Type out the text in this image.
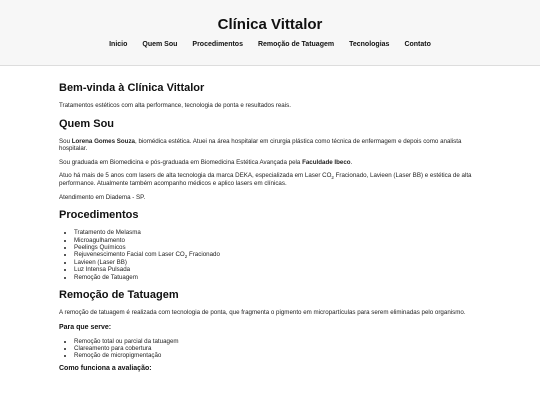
Clínica Vittalor
Inicio Quem Sou Procedimentos Remoção de Tatuagem Tecnologias Contato
Bem-vinda à Clínica Vittalor

Tratamentos estéticos com alta performance, tecnologia de ponta e resultados reais.

Quem Sou

Sou Lorena Gomes Souza, biomédica estética. Atuei na área hospitalar em cirurgia plástica como técnica de enfermagem e depois como analista hospitalar.

Sou graduada em Biomedicina e pós-graduada em Biomedicina Estética Avançada pela Faculdade Ibeco.

Atuo há mais de 5 anos com lasers de alta tecnologia da marca DEKA, especializada em Laser $CO_2$ Fracionado, Lavieen (Laser BB) e estética de alta performance. Atualmente também acompanho médicos e aplico lasers em clínicas.

Atendimento em Diadema - SP.

Procedimentos
• Tratamento de Melasma
• Microagulhamento
• Peelings Químicos
• Rejuvenescimento Facial com Laser $CO_2$ Fracionado
• Lavieen (Laser BB)
• Luz Intensa Pulsada
• Remoção de Tatuagem
Remoção de Tatuagem

A remoção de tatuagem é realizada com tecnologia de ponta, que fragmenta o pigmento em micropartículas para serem eliminadas pelo organismo.

Para que serve:
• Remoção total ou parcial da tatuagem
• Clareamento para cobertura
• Remoção de micropigmentação
Como funciona a avaliação:
